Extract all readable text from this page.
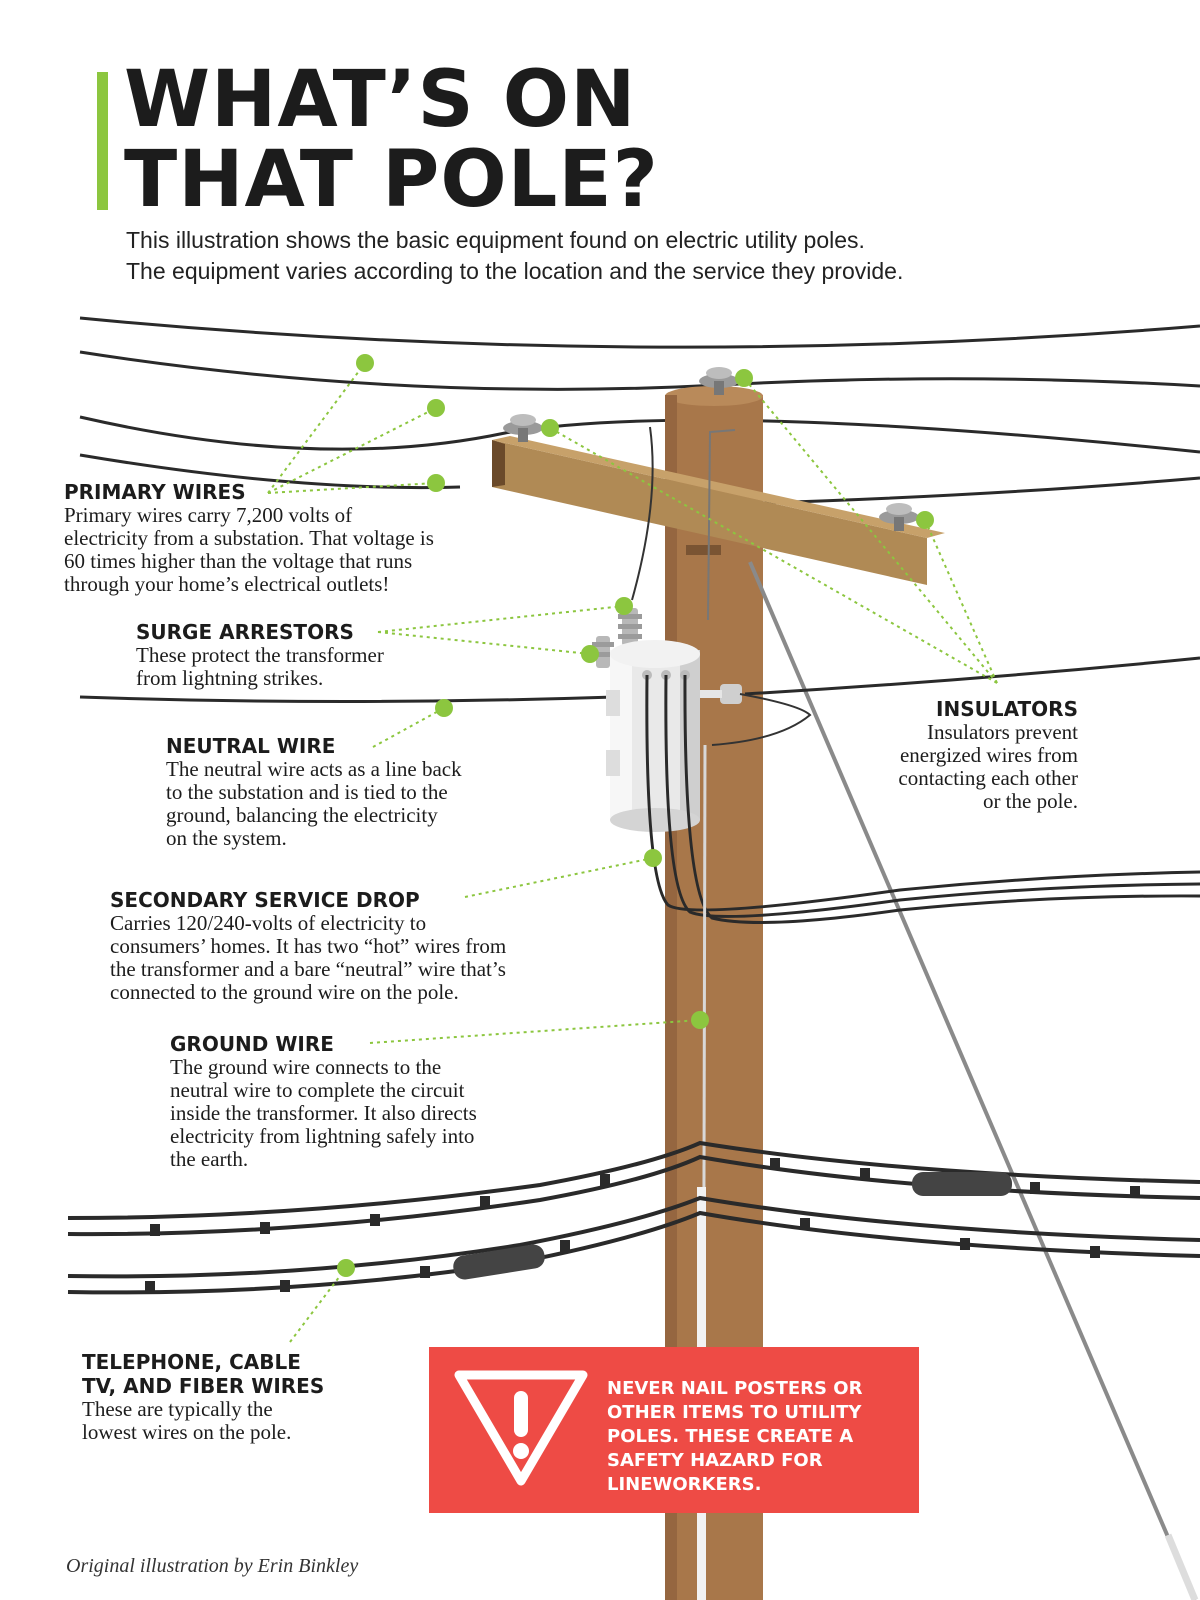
WHAT’S ON
THAT POLE?
This illustration shows the basic equipment found on electric utility poles.
The equipment varies according to the location and the service they provide.
PRIMARY WIRES

Primary wires carry 7,200 volts of
electricity from a substation. That voltage is
60 times higher than the voltage that runs
through your home’s electrical outlets!

SURGE ARRESTORS

These protect the transformer
from lightning strikes.

NEUTRAL WIRE

The neutral wire acts as a line back
to the substation and is tied to the
ground, balancing the electricity
on the system.

SECONDARY SERVICE DROP

Carries 120/240-volts of electricity to
consumers’ homes. It has two “hot” wires from
the transformer and a bare “neutral” wire that’s
connected to the ground wire on the pole.

GROUND WIRE

The ground wire connects to the
neutral wire to complete the circuit
inside the transformer. It also directs
electricity from lightning safely into
the earth.

TELEPHONE, CABLE
TV, AND FIBER WIRES

These are typically the
lowest wires on the pole.

INSULATORS

Insulators prevent
energized wires from
contacting each other
or the pole.

NEVER NAIL POSTERS OR
OTHER ITEMS TO UTILITY
POLES. THESE CREATE A
SAFETY HAZARD FOR
LINEWORKERS.
Original illustration by Erin Binkley
